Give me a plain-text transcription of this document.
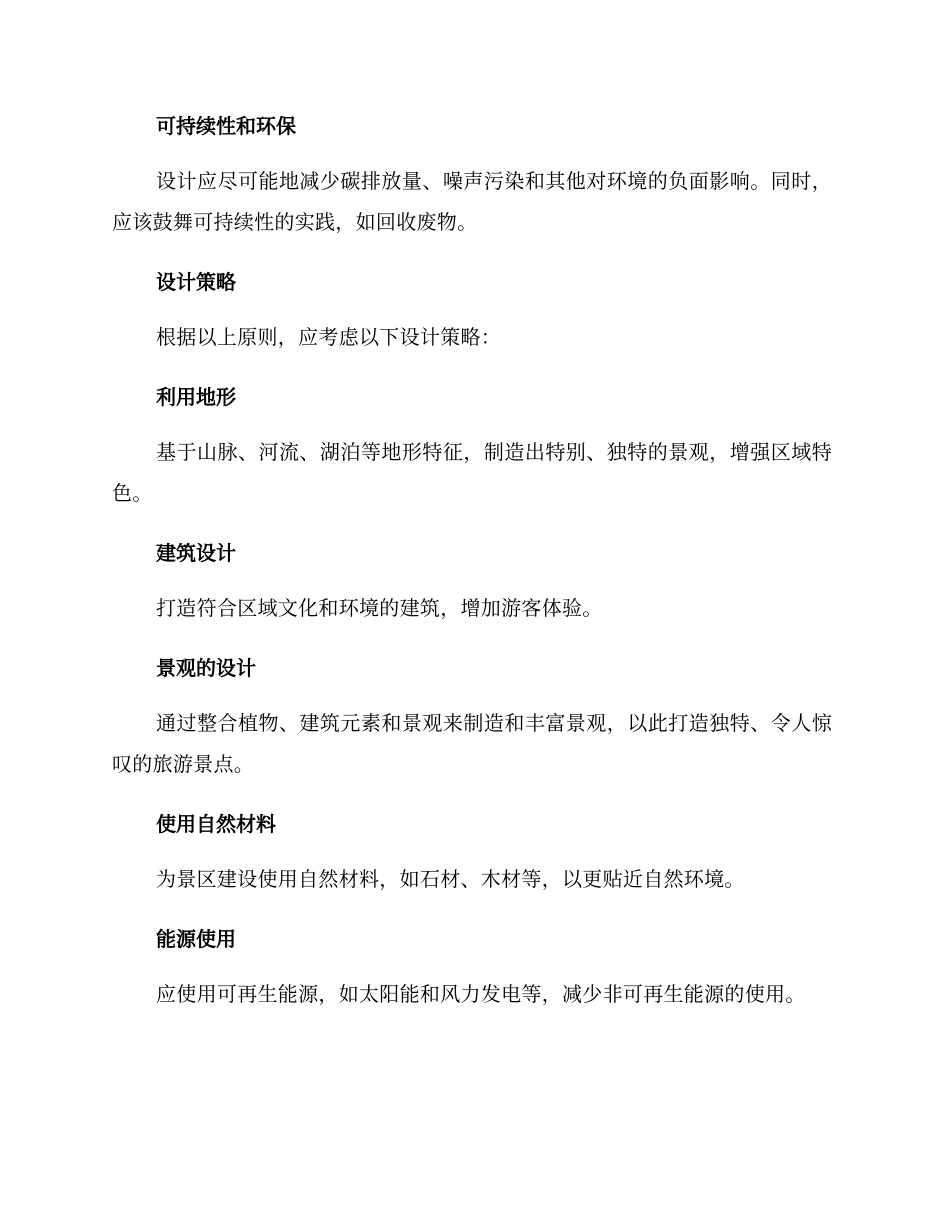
可持续性和环保

设计应尽可能地减少碳排放量、噪声污染和其他对环境的负面影响。同时，应该鼓舞可持续性的实践，如回收废物。

设计策略

根据以上原则，应考虑以下设计策略：

利用地形

基于山脉、河流、湖泊等地形特征，制造出特别、独特的景观，增强区域特色。

建筑设计

打造符合区域文化和环境的建筑，增加游客体验。

景观的设计

通过整合植物、建筑元素和景观来制造和丰富景观，以此打造独特、令人惊叹的旅游景点。

使用自然材料

为景区建设使用自然材料，如石材、木材等，以更贴近自然环境。

能源使用

应使用可再生能源，如太阳能和风力发电等，减少非可再生能源的使用。
